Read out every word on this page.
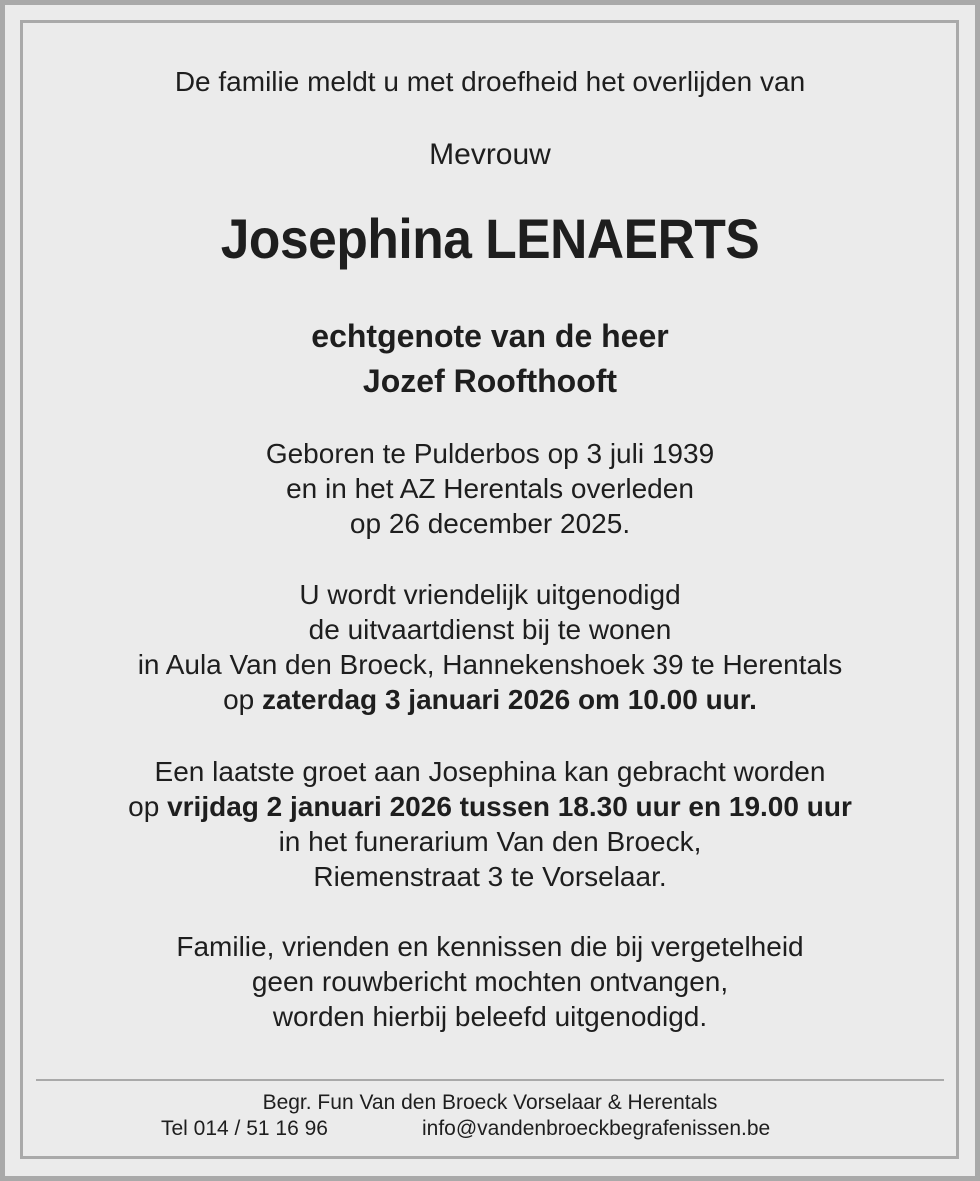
De familie meldt u met droefheid het overlijden van
Mevrouw
Josephina LENAERTS
echtgenote van de heer
Jozef Roofthooft
Geboren te Pulderbos op 3 juli 1939
en in het AZ Herentals overleden
op 26 december 2025.
U wordt vriendelijk uitgenodigd
de uitvaartdienst bij te wonen
in Aula Van den Broeck, Hannekenshoek 39 te Herentals
op zaterdag 3 januari 2026 om 10.00 uur.
Een laatste groet aan Josephina kan gebracht worden
op vrijdag 2 januari 2026 tussen 18.30 uur en 19.00 uur
in het funerarium Van den Broeck,
Riemenstraat 3 te Vorselaar.
Familie, vrienden en kennissen die bij vergetelheid
geen rouwbericht mochten ontvangen,
worden hierbij beleefd uitgenodigd.
Begr. Fun Van den Broeck Vorselaar & Herentals
Tel 014 / 51 16 96	info@vandenbroeckbegrafenissen.be
